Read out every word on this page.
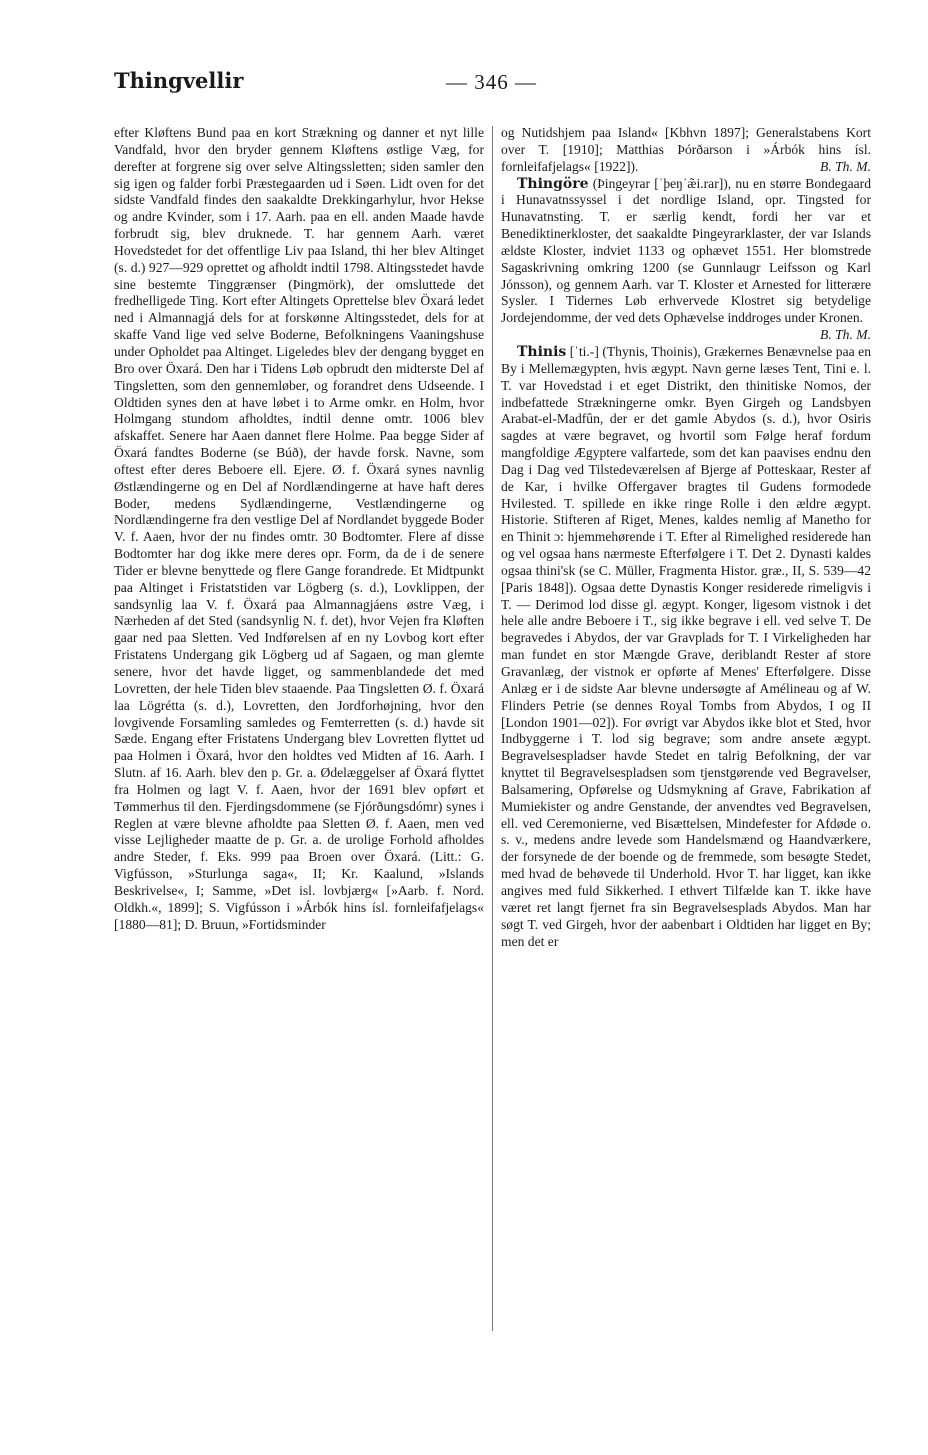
Thingvellir	— 346 —

efter Kløftens Bund paa en kort Strækning og danner et nyt lille Vandfald, hvor den bryder gennem Kløftens østlige Væg, for derefter at forgrene sig over selve Altingssletten; siden samler den sig igen og falder forbi Præstegaarden ud i Søen. Lidt oven for det sidste Vandfald findes den saakaldte Drekkingarhylur, hvor Hekse og andre Kvinder, som i 17. Aarh. paa en ell. anden Maade havde forbrudt sig, blev druknede. T. har gennem Aarh. været Hovedstedet for det offentlige Liv paa Island, thi her blev Altinget (s. d.) 927—929 oprettet og afholdt indtil 1798. Altingsstedet havde sine bestemte Tinggrænser (Þingmörk), der omsluttede det fredhelligede Ting. Kort efter Altingets Oprettelse blev Öxará ledet ned i Almannagjá dels for at forskønne Altingsstedet, dels for at skaffe Vand lige ved selve Boderne, Befolkningens Vaaningshuse under Opholdet paa Altinget. Ligeledes blev der dengang bygget en Bro over Öxará. Den har i Tidens Løb opbrudt den midterste Del af Tingsletten, som den gennemløber, og forandret dens Udseende. I Oldtiden synes den at have løbet i to Arme omkr. en Holm, hvor Holmgang stundom afholdtes, indtil denne omtr. 1006 blev afskaffet. Senere har Aaen dannet flere Holme. Paa begge Sider af Öxará fandtes Boderne (se Búð), der havde forsk. Navne, som oftest efter deres Beboere ell. Ejere. Ø. f. Öxará synes navnlig Østlændingerne og en Del af Nordlændingerne at have haft deres Boder, medens Sydlændingerne, Vestlændingerne og Nordlændingerne fra den vestlige Del af Nordlandet byggede Boder V. f. Aaen, hvor der nu findes omtr. 30 Bodtomter. Flere af disse Bodtomter har dog ikke mere deres opr. Form, da de i de senere Tider er blevne benyttede og flere Gange forandrede. Et Midtpunkt paa Altinget i Fristatstiden var Lögberg (s. d.), Lovklippen, der sandsynlig laa V. f. Öxará paa Almannagjáens østre Væg, i Nærheden af det Sted (sandsynlig N. f. det), hvor Vejen fra Kløften gaar ned paa Sletten. Ved Indførelsen af en ny Lovbog kort efter Fristatens Undergang gik Lögberg ud af Sagaen, og man glemte senere, hvor det havde ligget, og sammenblandede det med Lovretten, der hele Tiden blev staaende. Paa Tingsletten Ø. f. Öxará laa Lögrétta (s. d.), Lovretten, den Jordforhøjning, hvor den lovgivende Forsamling samledes og Femterretten (s. d.) havde sit Sæde. Engang efter Fristatens Undergang blev Lovretten flyttet ud paa Holmen i Öxará, hvor den holdtes ved Midten af 16. Aarh. I Slutn. af 16. Aarh. blev den p. Gr. a. Ødelæggelser af Öxará flyttet fra Holmen og lagt V. f. Aaen, hvor der 1691 blev opført et Tømmerhus til den. Fjerdingsdommene (se Fjórðungsdómr) synes i Reglen at være blevne afholdte paa Sletten Ø. f. Aaen, men ved visse Lejligheder maatte de p. Gr. a. de urolige Forhold afholdes andre Steder, f. Eks. 999 paa Broen over Öxará. (Litt.: G. Vigfússon, »Sturlunga saga«, II; Kr. Kaalund, »Islands Beskrivelse«, I; Samme, »Det isl. lovbjærg« [»Aarb. f. Nord. Oldkh.«, 1899]; S. Vigfússon i »Árbók hins ísl. fornleifafjelags« [1880—81]; D. Bruun, »Fortidsminder

og Nutidshjem paa Island« [Kbhvn 1897]; Generalstabens Kort over T. [1910]; Matthias Þórðarson i »Árbók hins ísl. fornleifafjelags« [1922]).	B. Th. M.

Thingöre (Þingeyrar [ˈþeŋˈæ̃i.rar]), nu en større Bondegaard i Hunavatnssyssel i det nordlige Island, opr. Tingsted for Hunavatnsting. T. er særlig kendt, fordi her var et Benediktinerkloster, det saakaldte Þingeyrarklaster, der var Islands ældste Kloster, indviet 1133 og ophævet 1551. Her blomstrede Sagaskrivning omkring 1200 (se Gunnlaugr Leifsson og Karl Jónsson), og gennem Aarh. var T. Kloster et Arnested for litterære Sysler. I Tidernes Løb erhvervede Klostret sig betydelige Jordejendomme, der ved dets Ophævelse inddroges under Kronen.
B. Th. M.

Thinis [ˈti.-] (Thynis, Thoinis), Grækernes Benævnelse paa en By i Mellemægypten, hvis ægypt. Navn gerne læses Tent, Tini e. l. T. var Hovedstad i et eget Distrikt, den thinitiske Nomos, der indbefattede Strækningerne omkr. Byen Girgeh og Landsbyen Arabat-el-Madfûn, der er det gamle Abydos (s. d.), hvor Osiris sagdes at være begravet, og hvortil som Følge heraf fordum mangfoldige Ægyptere valfartede, som det kan paavises endnu den Dag i Dag ved Tilstedeværelsen af Bjerge af Potteskaar, Rester af de Kar, i hvilke Offergaver bragtes til Gudens formodede Hvilested. T. spillede en ikke ringe Rolle i den ældre ægypt. Historie. Stifteren af Riget, Menes, kaldes nemlig af Manetho for en Thinit ɔ: hjemmehørende i T. Efter al Rimelighed residerede han og vel ogsaa hans nærmeste Efterfølgere i T. Det 2. Dynasti kaldes ogsaa thini'sk (se C. Müller, Fragmenta Histor. græ., II, S. 539—42 [Paris 1848]). Ogsaa dette Dynastis Konger residerede rimeligvis i T. — Derimod lod disse gl. ægypt. Konger, ligesom vistnok i det hele alle andre Beboere i T., sig ikke begrave i ell. ved selve T. De begravedes i Abydos, der var Gravplads for T. I Virkeligheden har man fundet en stor Mængde Grave, deriblandt Rester af store Gravanlæg, der vistnok er opførte af Menes' Efterfølgere. Disse Anlæg er i de sidste Aar blevne undersøgte af Amélineau og af W. Flinders Petrie (se dennes Royal Tombs from Abydos, I og II [London 1901—02]). For øvrigt var Abydos ikke blot et Sted, hvor Indbyggerne i T. lod sig begrave; som andre ansete ægypt. Begravelsespladser havde Stedet en talrig Befolkning, der var knyttet til Begravelsespladsen som tjenstgørende ved Begravelser, Balsamering, Opførelse og Udsmykning af Grave, Fabrikation af Mumiekister og andre Genstande, der anvendtes ved Begravelsen, ell. ved Ceremonierne, ved Bisættelsen, Mindefester for Afdøde o. s. v., medens andre levede som Handelsmænd og Haandværkere, der forsynede de der boende og de fremmede, som besøgte Stedet, med hvad de behøvede til Underhold. Hvor T. har ligget, kan ikke angives med fuld Sikkerhed. I ethvert Tilfælde kan T. ikke have været ret langt fjernet fra sin Begravelsesplads Abydos. Man har søgt T. ved Girgeh, hvor der aabenbart i Oldtiden har ligget en By; men det er
